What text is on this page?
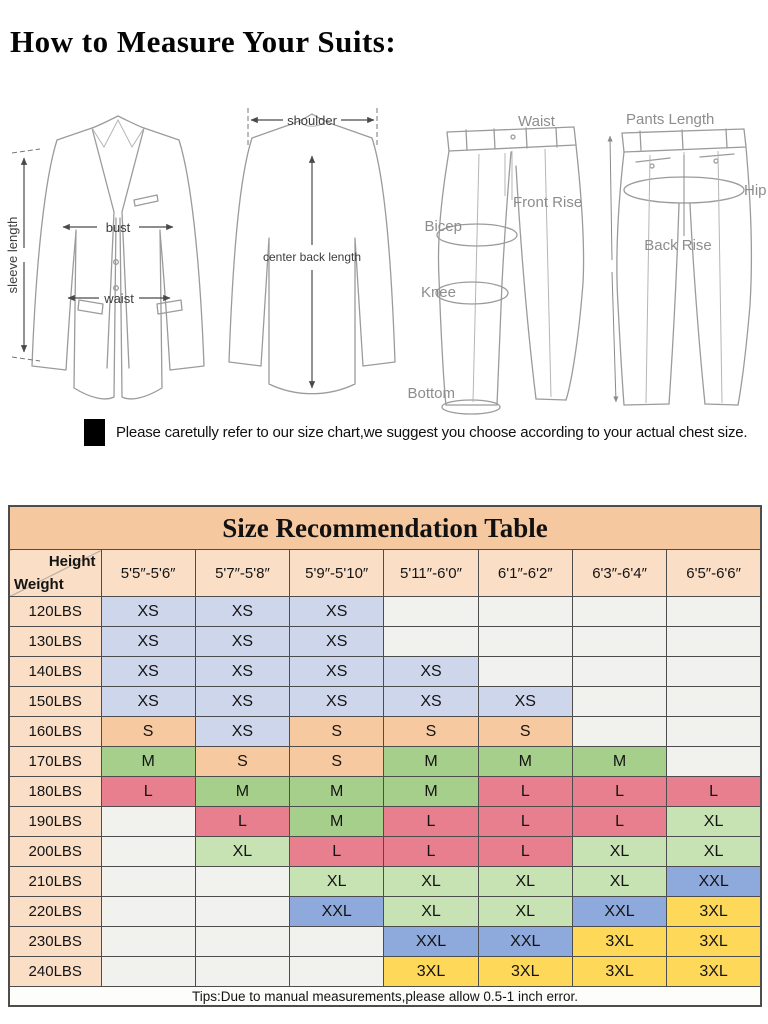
How to Measure Your Suits:
bust
waist
sleeve length
shoulder
center back length
Waist
Front Rise
Bicep
Knee
Bottom
Pants Length
Hip
Back Rise
Please caretully refer to our size chart,we suggest you choose according to your actual chest size.
Size Recommendation Table							

Height
Weight	5'5″-5'6″	5'7″-5'8″	5'9″-5'10″	5'11″-6'0″	6'1″-6'2″	6'3″-6'4″	6'5″-6'6″
120LBS	XS	XS	XS				
130LBS	XS	XS	XS				
140LBS	XS	XS	XS	XS			
150LBS	XS	XS	XS	XS	XS		
160LBS	S	XS	S	S	S		
170LBS	M	S	S	M	M	M	
180LBS	L	M	M	M	L	L	L
190LBS		L	M	L	L	L	XL
200LBS		XL	L	L	L	XL	XL
210LBS			XL	XL	XL	XL	XXL
220LBS			XXL	XL	XL	XXL	3XL
230LBS				XXL	XXL	3XL	3XL
240LBS				3XL	3XL	3XL	3XL
Tips:Due to manual measurements,please allow 0.5-1 inch error.							
